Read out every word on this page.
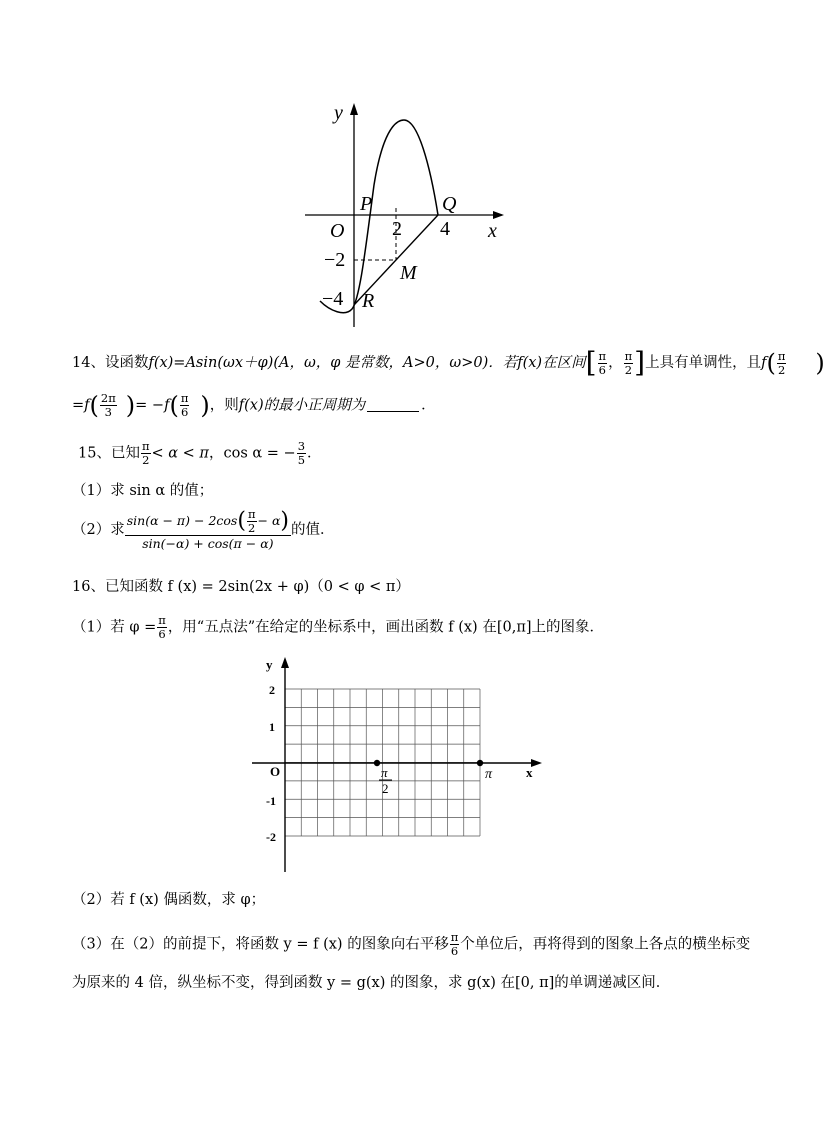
y
x
O
P	Q
M
R
2 4
−2
−4
14、设函数f(x)=Asin(ωx＋φ)(A，ω，φ 是常数，A>0，ω>0)．若f(x)在区间[ $\frac{\pi}{6}$ ， $\frac{\pi}{2}$ ]上具有单调性，且$f( \frac{\pi}{2}$ )
$=f( \frac{2\pi}{3}$ )= $-f( \frac{\pi}{6}$ )，则f(x)的最小正周期为	．
15、已知 $\frac{\pi}{2} < \alpha < \pi$，cos α = − $\frac{3}{5}$ ．
（1）求 sin α 的值；
（2）求 $\frac{\sin(\alpha - \pi) - 2\cos( \frac{\pi}{2} - \alpha)}{\sin(-\alpha) + \cos(\pi - \alpha)}$ 的值．
16、已知函数 f (x) = 2sin(2x + φ)（0 < φ < π）
（1）若 $\varphi = \frac{\pi}{6}$ ，用“五点法”在给定的坐标系中，画出函数 f (x) 在[0,π]上的图象．
y
x
O
2
1
-1
-2
π
2
π
（2）若 f (x) 偶函数，求 φ；
（3）在（2）的前提下，将函数 y = f (x) 的图象向右平移 $\frac{\pi}{6}$ 个单位后，再将得到的图象上各点的横坐标变
为原来的 4 倍，纵坐标不变，得到函数 y = g(x) 的图象，求 g(x) 在[0, π]的单调递减区间．
